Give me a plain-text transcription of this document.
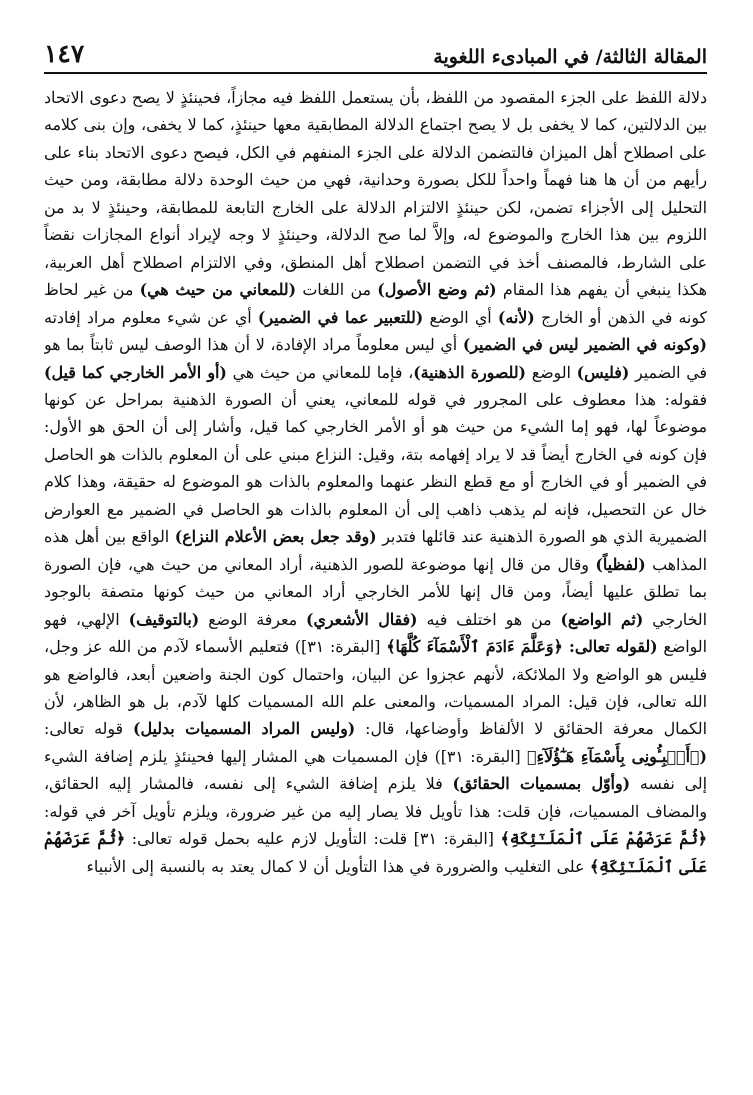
١٤٧	المقالة الثالثة/ في المبادىء اللغوية

دلالة اللفظ على الجزء المقصود من اللفظ، بأن يستعمل اللفظ فيه مجازاً، فحينئذٍ لا يصح دعوى الاتحاد بين الدلالتين، كما لا يخفى بل لا يصح اجتماع الدلالة المطابقية معها حينئذٍ، كما لا يخفى، وإن بنى كلامه على اصطلاح أهل الميزان فالتضمن الدلالة على الجزء المنفهم في الكل، فيصح دعوى الاتحاد بناء على رأيهم من أن ها هنا فهماً واحداً للكل بصورة وحدانية، فهي من حيث الوحدة دلالة مطابقة، ومن حيث التحليل إلى الأجزاء تضمن، لكن حينئذٍ الالتزام الدلالة على الخارج التابعة للمطابقة، وحينئذٍ لا بد من اللزوم بين هذا الخارج والموضوع له، وإلاَّ لما صح الدلالة، وحينئذٍ لا وجه لإيراد أنواع المجازات نقضاً على الشارط، فالمصنف أخذ في التضمن اصطلاح أهل المنطق، وفي الالتزام اصطلاح أهل العربية، هكذا ينبغي أن يفهم هذا المقام (ثم وضع الأصول) من اللغات (للمعاني من حيث هي) من غير لحاظ كونه في الذهن أو الخارج (لأنه) أي الوضع (للتعبير عما في الضمير) أي عن شيء معلوم مراد إفادته (وكونه في الضمير ليس في الضمير) أي ليس معلوماً مراد الإفادة، لا أن هذا الوصف ليس ثابتاً بما هو في الضمير (فليس) الوضع (للصورة الذهنية)، فإما للمعاني من حيث هي (أو الأمر الخارجي كما قيل) فقوله: هذا معطوف على المجرور في قوله للمعاني، يعني أن الصورة الذهنية بمراحل عن كونها موضوعاً لها، فهو إما الشيء من حيث هو أو الأمر الخارجي كما قيل، وأشار إلى أن الحق هو الأول: فإن كونه في الخارج أيضاً قد لا يراد إفهامه بتة، وقيل: النزاع مبني على أن المعلوم بالذات هو الحاصل في الضمير أو في الخارج أو مع قطع النظر عنهما والمعلوم بالذات هو الموضوع له حقيقة، وهذا كلام خال عن التحصيل، فإنه لم يذهب ذاهب إلى أن المعلوم بالذات هو الحاصل في الضمير مع العوارض الضميرية الذي هو الصورة الذهنية عند قائلها فتدبر (وقد جعل بعض الأعلام النزاع) الواقع بين أهل هذه المذاهب (لفظياً) وقال من قال إنها موضوعة للصور الذهنية، أراد المعاني من حيث هي، فإن الصورة بما تطلق عليها أيضاً، ومن قال إنها للأمر الخارجي أراد المعاني من حيث كونها متصفة بالوجود الخارجي (ثم الواضع) من هو اختلف فيه (فقال الأشعري) معرفة الوضع (بالتوقيف) الإلهي، فهو الواضع (لقوله تعالى: ﴿وَعَلَّمَ ءَادَمَ ٱلْأَسْمَآءَ كُلَّهَا﴾ [البقرة: ٣١]) فتعليم الأسماء لآدم من الله عز وجل، فليس هو الواضع ولا الملائكة، لأنهم عجزوا عن البيان، واحتمال كون الجنة واضعين أبعد، فالواضع هو الله تعالى، فإن قيل: المراد المسميات، والمعنى علم الله المسميات كلها لآدم، بل هو الظاهر، لأن الكمال معرفة الحقائق لا الألفاظ وأوضاعها، قال: (وليس المراد المسميات بدليل) قوله تعالى: (﴿أَنۢبِـُٔونِى بِأَسْمَآءِ هَـٰٓؤُلَآءِ﴾ [البقرة: ٣١]) فإن المسميات هي المشار إليها فحينئذٍ يلزم إضافة الشيء إلى نفسه (وأوّل بمسميات الحقائق) فلا يلزم إضافة الشيء إلى نفسه، فالمشار إليه الحقائق، والمضاف المسميات، فإن قلت: هذا تأويل فلا يصار إليه من غير ضرورة، ويلزم تأويل آخر في قوله: ﴿ثُمَّ عَرَضَهُمْ عَلَى ٱلْمَلَـٰٓئِكَةِ﴾ [البقرة: ٣١] قلت: التأويل لازم عليه بحمل قوله تعالى: ﴿ثُمَّ عَرَضَهُمْ عَلَى ٱلْمَلَـٰٓئِكَةِ﴾ على التغليب والضرورة في هذا التأويل أن لا كمال يعتد به بالنسبة إلى الأنبياء
